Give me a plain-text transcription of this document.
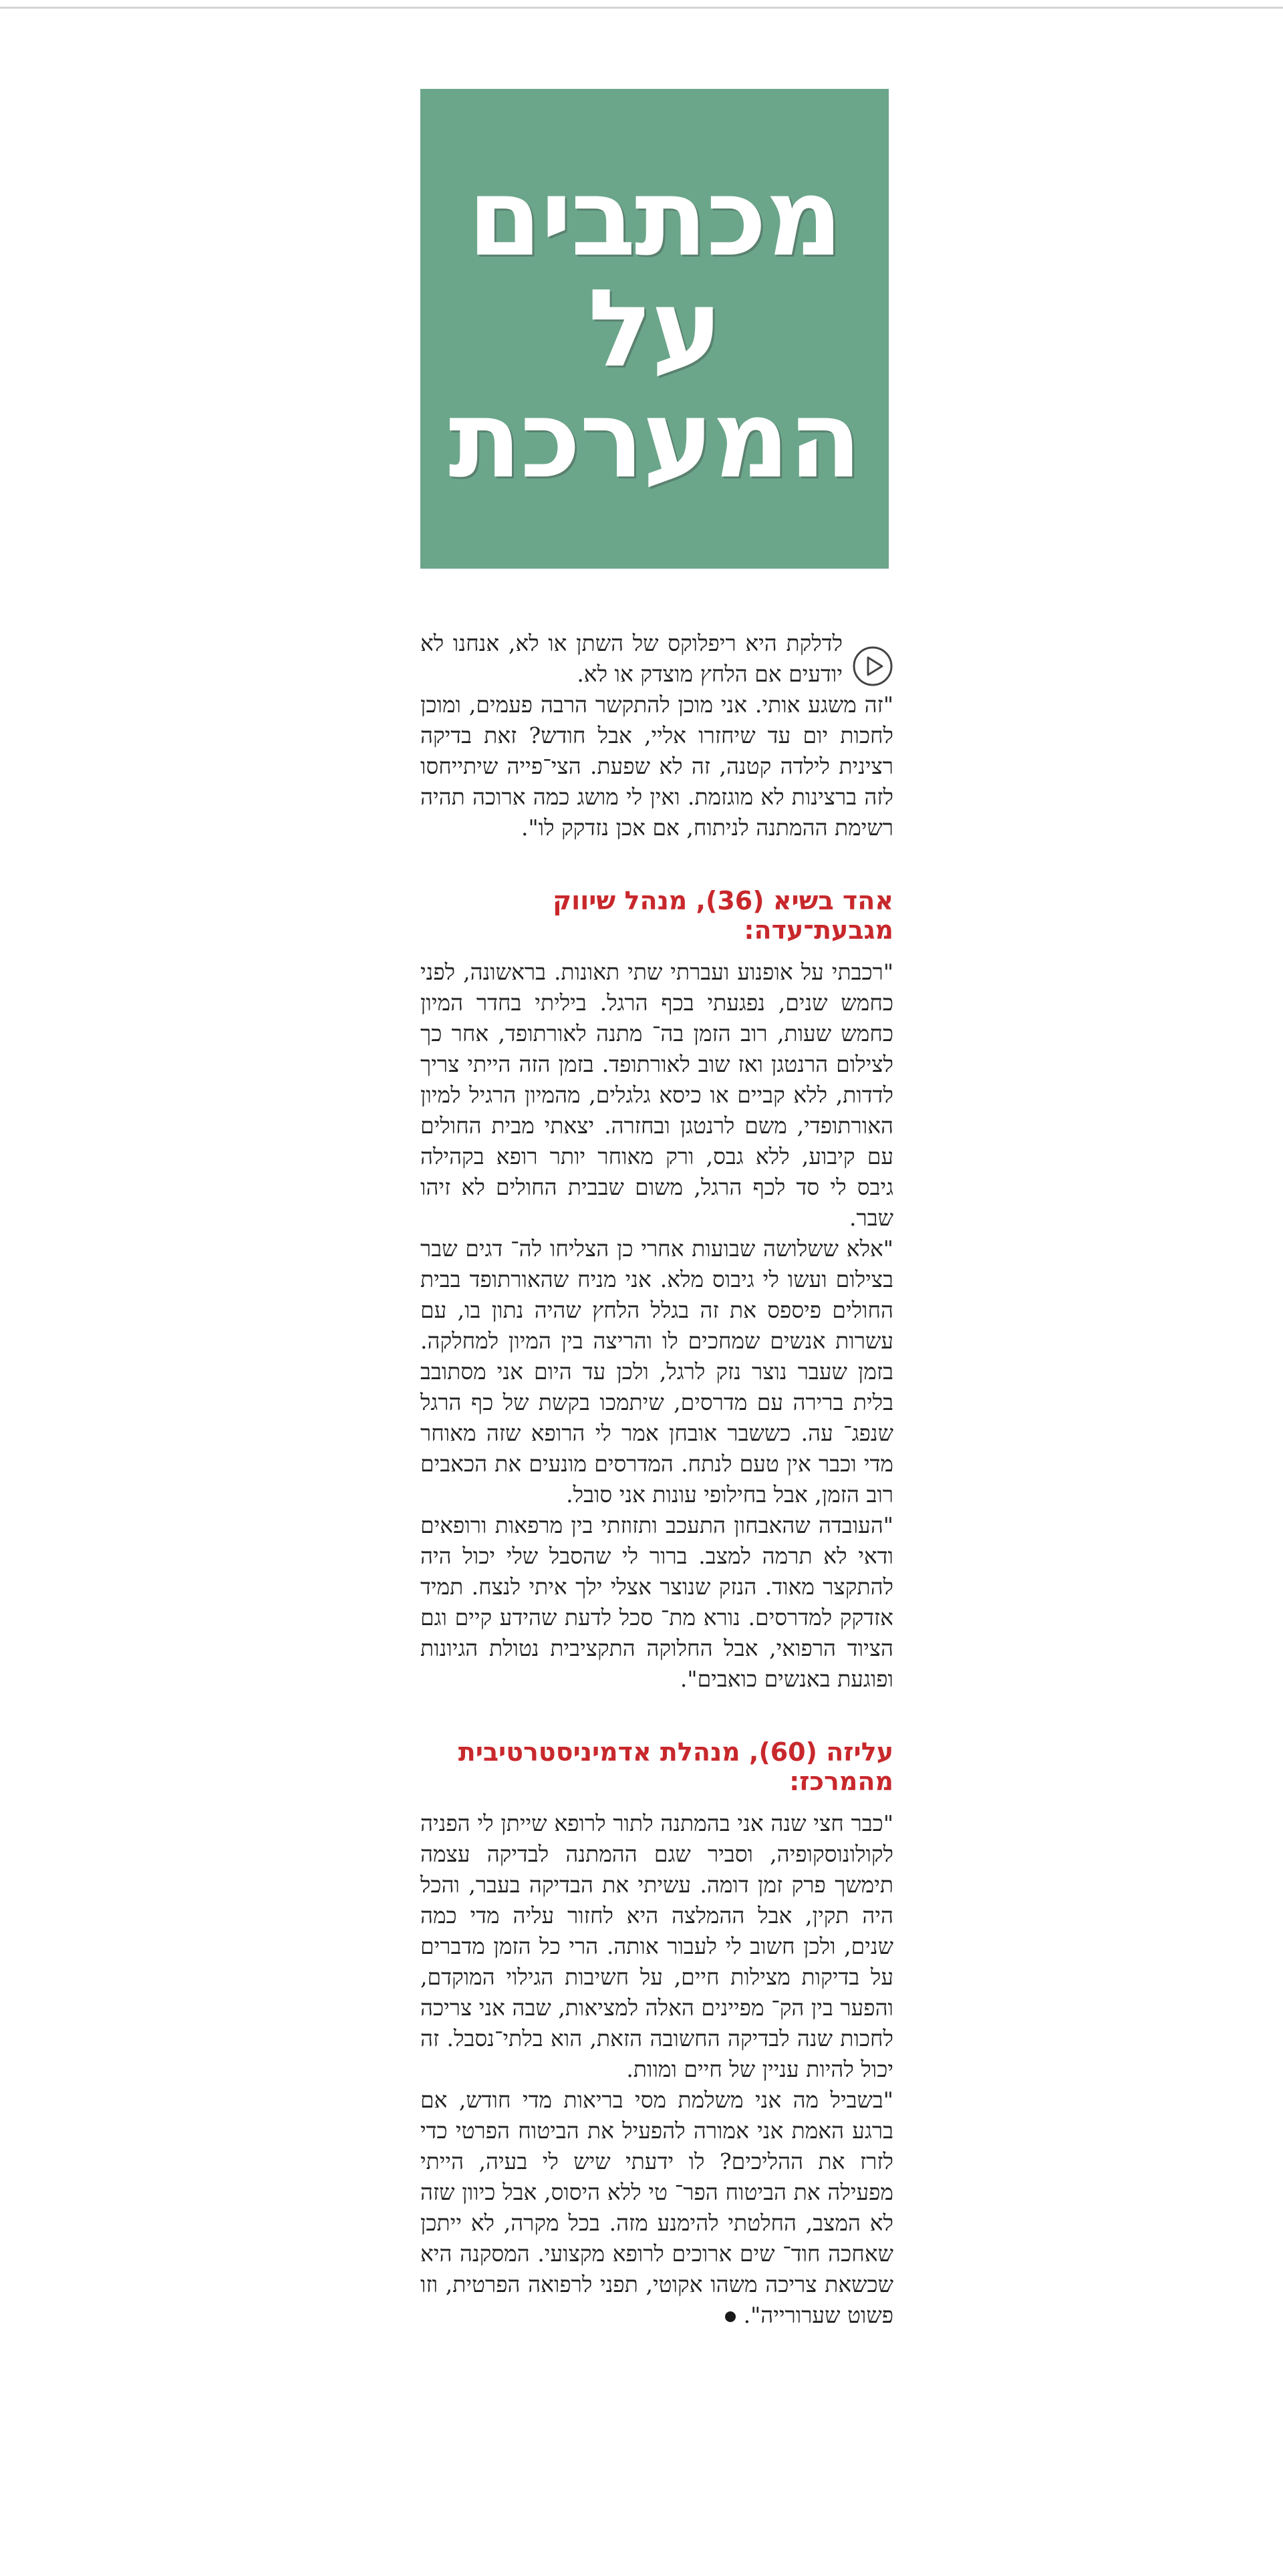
מכתבים
על
המערכת

לדלקת היא ריפלוקס של השתן או לא, אנחנו לא יודעים אם הלחץ מוצדק או לא.

"זה משגע אותי. אני מוכן להתקשר הרבה פעמים, ומוכן לחכות יום עד שיחזרו אליי, אבל חודש? זאת בדיקה רצינית לילדה קטנה, זה לא שפעת. הצי־פייה שיתייחסו לזה ברצינות לא מוגזמת. ואין לי מושג כמה ארוכה תהיה רשימת ההמתנה לניתוח, אם אכן נזדקק לו".

אהד בשיא (36), מנהל שיווק מגבעת־עדה:

"רכבתי על אופנוע ועברתי שתי תאונות. בראשונה, לפני כחמש שנים, נפגעתי בכף הרגל. ביליתי בחדר המיון כחמש שעות, רוב הזמן בה־ מתנה לאורתופד, אחר כך לצילום הרנטגן ואז שוב לאורתופד. בזמן הזה הייתי צריך לדדות, ללא קביים או כיסא גלגלים, מהמיון הרגיל למיון האורתופדי, משם לרנטגן ובחזרה. יצאתי מבית החולים עם קיבוע, ללא גבס, ורק מאוחר יותר רופא בקהילה גיבס לי סד לכף הרגל, משום שבבית החולים לא זיהו שבר.

"אלא ששלושה שבועות אחרי כן הצליחו לה־ דגים שבר בצילום ועשו לי גיבוס מלא. אני מניח שהאורתופד בבית החולים פיספס את זה בגלל הלחץ שהיה נתון בו, עם עשרות אנשים שמחכים לו והריצה בין המיון למחלקה. בזמן שעבר נוצר נזק לרגל, ולכן עד היום אני מסתובב בלית ברירה עם מדרסים, שיתמכו בקשת של כף הרגל שנפג־ עה. כששבר אובחן אמר לי הרופא שזה מאוחר מדי וכבר אין טעם לנתח. המדרסים מונעים את הכאבים רוב הזמן, אבל בחילופי עונות אני סובל.

"העובדה שהאבחון התעכב ותזוזתי בין מרפאות ורופאים ודאי לא תרמה למצב. ברור לי שהסבל שלי יכול היה להתקצר מאוד. הנזק שנוצר אצלי ילך איתי לנצח. תמיד אזדקק למדרסים. נורא מת־ סכל לדעת שהידע קיים וגם הציוד הרפואי, אבל החלוקה התקציבית נטולת הגיונות ופוגעת באנשים כואבים".

עליזה (60), מנהלת אדמיניסטרטיבית מהמרכז:

"כבר חצי שנה אני בהמתנה לתור לרופא שייתן לי הפניה לקולונוסקופיה, וסביר שגם ההמתנה לבדיקה עצמה תימשך פרק זמן דומה. עשיתי את הבדיקה בעבר, והכל היה תקין, אבל ההמלצה היא לחזור עליה מדי כמה שנים, ולכן חשוב לי לעבור אותה. הרי כל הזמן מדברים על בדיקות מצילות חיים, על חשיבות הגילוי המוקדם, והפער בין הק־ מפיינים האלה למציאות, שבה אני צריכה לחכות שנה לבדיקה החשובה הזאת, הוא בלתי־נסבל. זה יכול להיות עניין של חיים ומוות.

"בשביל מה אני משלמת מסי בריאות מדי חודש, אם ברגע האמת אני אמורה להפעיל את הביטוח הפרטי כדי לזרז את ההליכים? לו ידעתי שיש לי בעיה, הייתי מפעילה את הביטוח הפר־ טי ללא היסוס, אבל כיוון שזה לא המצב, החלטתי להימנע מזה. בכל מקרה, לא ייתכן שאחכה חוד־ שים ארוכים לרופא מקצועי. המסקנה היא שכשאת צריכה משהו אקוטי, תפני לרפואה הפרטית, וזו פשוט שערורייה".
